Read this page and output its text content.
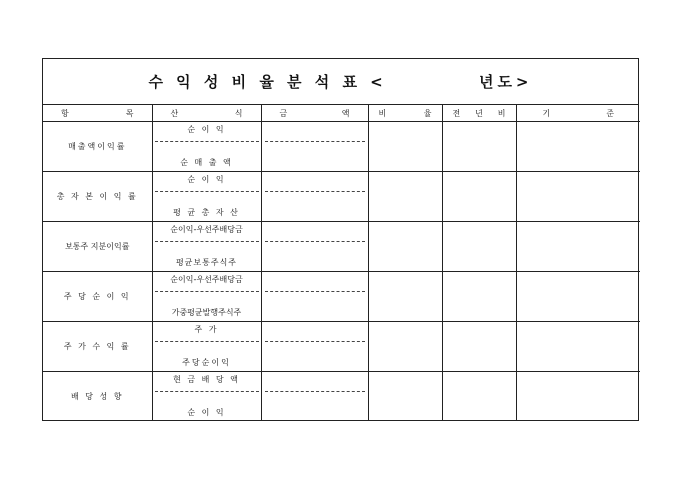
수 익 성 비 율 분 석 표 <          년도>
항 목	산 식	금 액	비 율	전 년 비	기 준

매출액이익률	순 이 익
순 매 출 액				

총 자 본 이 익 률	순 이 익
평 균 총 자 산				

보통주 지분이익률	순이익-우선주배당금
평균보통주식주				

주 당 순 이 익	순이익-우선주배당금
가중평균발행주식주				

주 가 수 익 률	주 가
주당순이익				

배 당 성 향	현 금 배 당 액
순 이 익				
